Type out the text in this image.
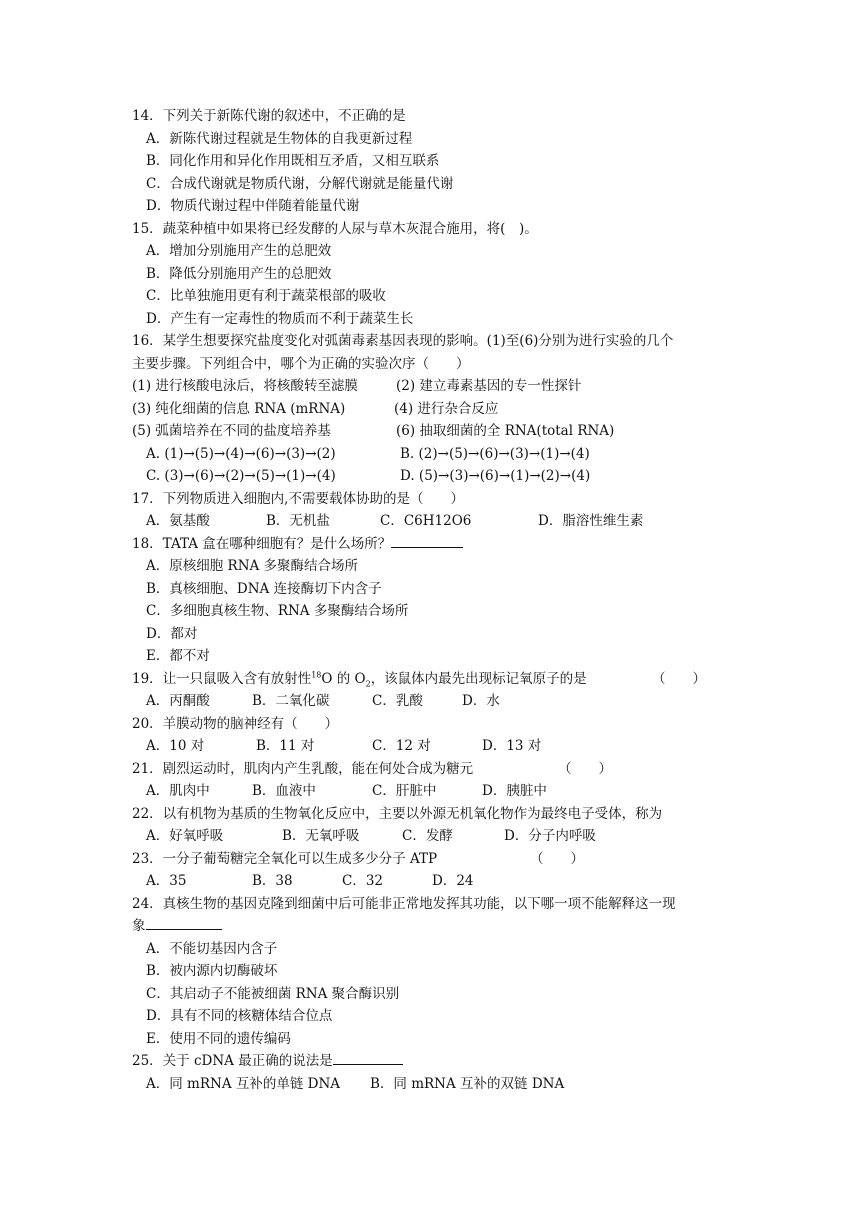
14．下列关于新陈代谢的叙述中，不正确的是
A．新陈代谢过程就是生物体的自我更新过程
B．同化作用和异化作用既相互矛盾，又相互联系
C．合成代谢就是物质代谢，分解代谢就是能量代谢
D．物质代谢过程中伴随着能量代谢
15．蔬菜种植中如果将已经发酵的人尿与草木灰混合施用，将(　)。
A．增加分别施用产生的总肥效
B．降低分别施用产生的总肥效
C．比单独施用更有利于蔬菜根部的吸收
D．产生有一定毒性的物质而不利于蔬菜生长
16．某学生想要探究盐度变化对弧菌毒素基因表现的影响。(1)至(6)分别为进行实验的几个
主要步骤。下列组合中，哪个为正确的实验次序（　　）
(1) 进行核酸电泳后，将核酸转至滤膜	(2) 建立毒素基因的专一性探针
(3) 纯化细菌的信息 RNA (mRNA)	(4) 进行杂合反应
(5) 弧菌培养在不同的盐度培养基	(6) 抽取细菌的全 RNA(total RNA)
A. (1)→(5)→(4)→(6)→(3)→(2)	B. (2)→(5)→(6)→(3)→(1)→(4)
C. (3)→(6)→(2)→(5)→(1)→(4)	D. (5)→(3)→(6)→(1)→(2)→(4)
17．下列物质进入细胞内,不需要载体协助的是（　　）
A．氨基酸	B．无机盐	C．C6H12O6	D．脂溶性维生素
18．TATA 盒在哪种细胞有？是什么场所？
A．原核细胞 RNA 多聚酶结合场所
B．真核细胞、DNA 连接酶切下内含子
C．多细胞真核生物、RNA 多聚酶结合场所
D．都对
E．都不对
19．让一只鼠吸入含有放射性$^{18}$O 的 $O_2$，该鼠体内最先出现标记氧原子的是	（　　）
A．丙酮酸	B．二氧化碳	C．乳酸	D．水
20．羊膜动物的脑神经有（　　）
A．10 对	B．11 对	C．12 对	D．13 对
21．剧烈运动时，肌肉内产生乳酸，能在何处合成为糖元	（　　）
A．肌肉中	B．血液中	C．肝脏中	D．胰脏中
22．以有机物为基质的生物氧化反应中，主要以外源无机氧化物作为最终电子受体，称为
A．好氧呼吸	B．无氧呼吸	C．发酵	D．分子内呼吸
23．一分子葡萄糖完全氧化可以生成多少分子 ATP	（　　）
A．35	B．38	C．32	D．24
24．真核生物的基因克隆到细菌中后可能非正常地发挥其功能，以下哪一项不能解释这一现
象
A．不能切基因内含子
B．被内源内切酶破坏
C．其启动子不能被细菌 RNA 聚合酶识别
D．具有不同的核糖体结合位点
E．使用不同的遗传编码
25．关于 cDNA 最正确的说法是
A．同 mRNA 互补的单链 DNA B．同 mRNA 互补的双链 DNA
